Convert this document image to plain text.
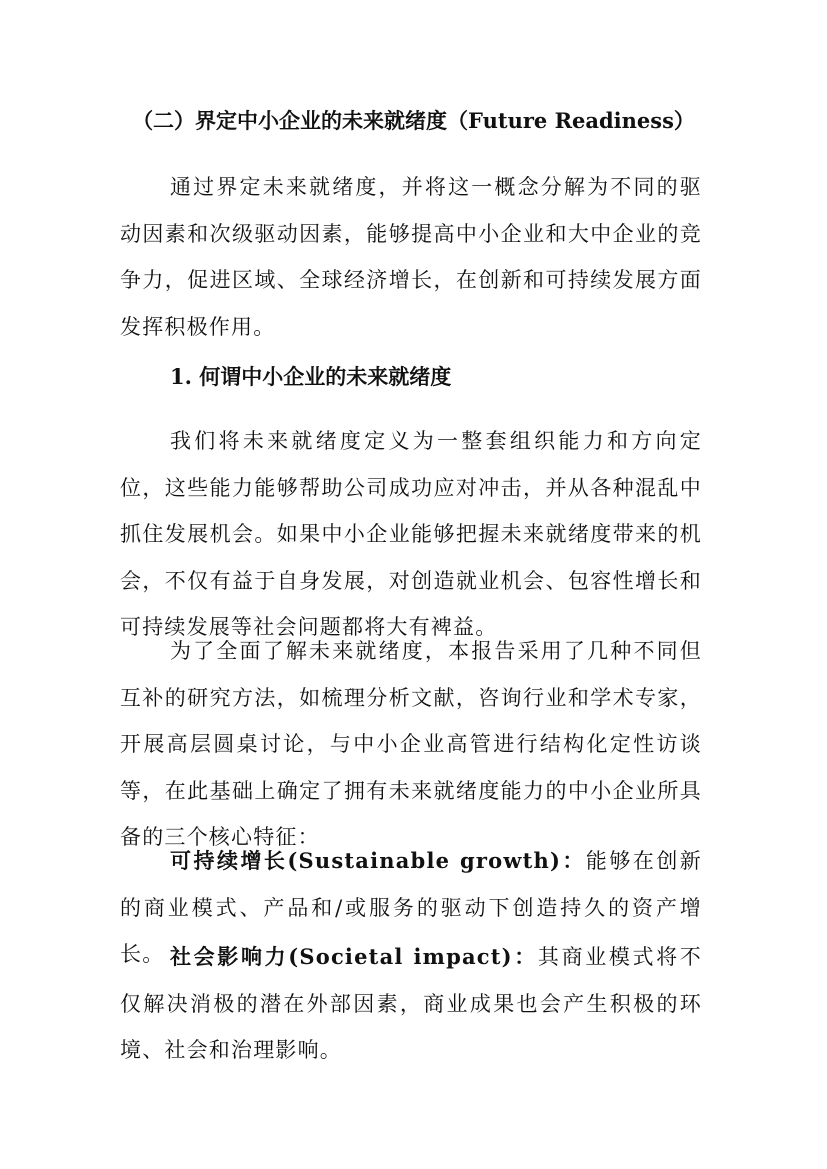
（二）界定中小企业的未来就绪度（Future Readiness）

通过界定未来就绪度，并将这一概念分解为不同的驱动因素和次级驱动因素，能够提高中小企业和大中企业的竞争力，促进区域、全球经济增长，在创新和可持续发展方面发挥积极作用。

1. 何谓中小企业的未来就绪度

我们将未来就绪度定义为一整套组织能力和方向定位，这些能力能够帮助公司成功应对冲击，并从各种混乱中抓住发展机会。如果中小企业能够把握未来就绪度带来的机会，不仅有益于自身发展，对创造就业机会、包容性增长和可持续发展等社会问题都将大有裨益。

为了全面了解未来就绪度，本报告采用了几种不同但互补的研究方法，如梳理分析文献，咨询行业和学术专家，开展高层圆桌讨论，与中小企业高管进行结构化定性访谈等，在此基础上确定了拥有未来就绪度能力的中小企业所具备的三个核心特征：

可持续增长(Sustainable growth)：能够在创新的商业模式、产品和/或服务的驱动下创造持久的资产增长。 社会影响力(Societal impact)：其商业模式将不仅解决消极的潜在外部因素，商业成果也会产生积极的环境、社会和治理影响。
